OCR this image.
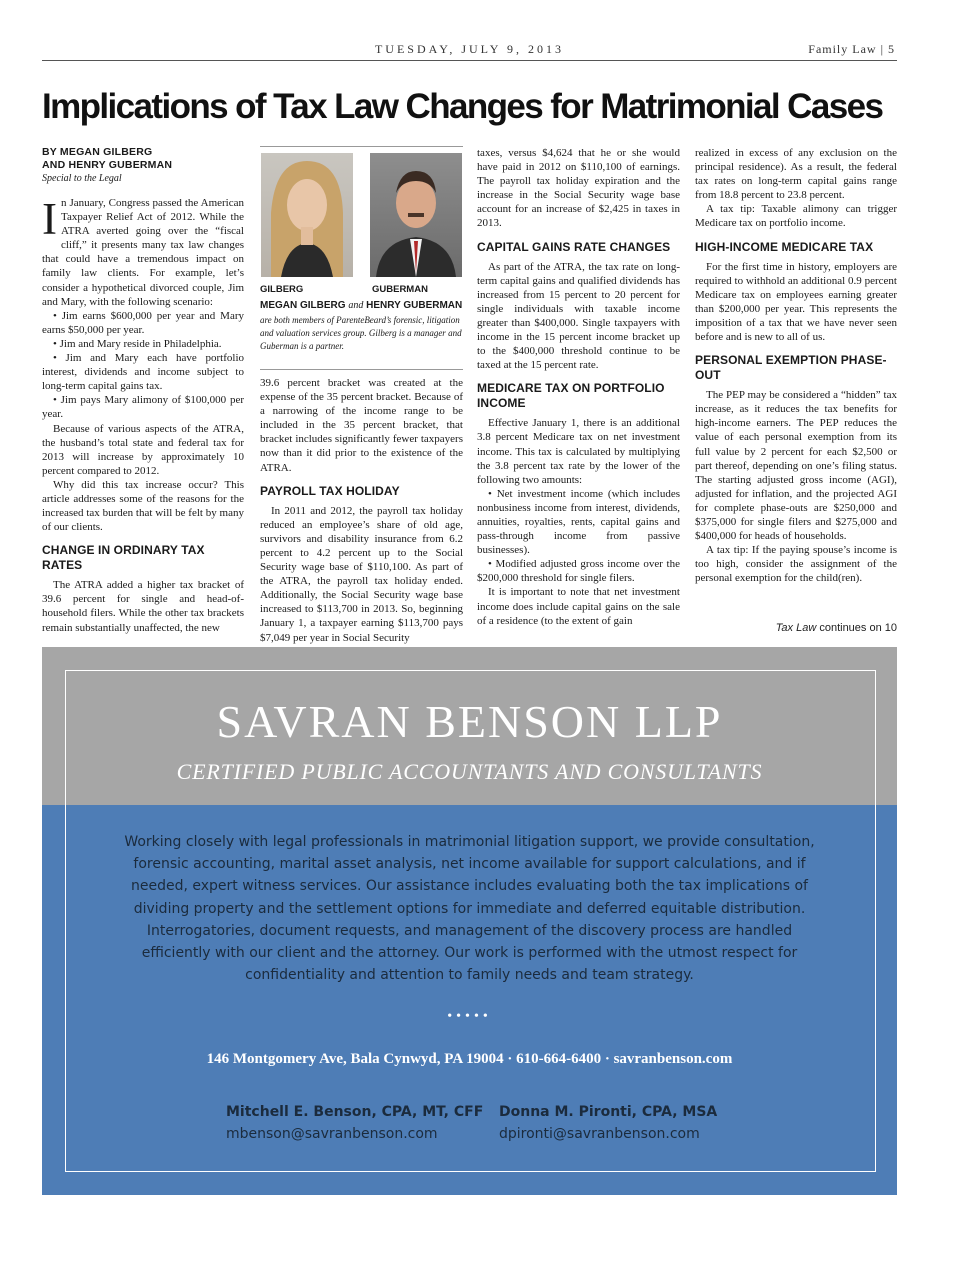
TUESDAY, JULY 9, 2013	Family Law | 5
Implications of Tax Law Changes for Matrimonial Cases

BY MEGAN GILBERG

AND HENRY GUBERMAN

Special to the Legal

In January, Congress passed the American Taxpayer Relief Act of 2012. While the ATRA averted going over the “fiscal cliff,” it presents many tax law changes that could have a tremendous impact on family law clients. For example, let’s consider a hypothetical divorced couple, Jim and Mary, with the following scenario:

• Jim earns $600,000 per year and Mary earns $50,000 per year.

• Jim and Mary reside in Philadelphia.

• Jim and Mary each have portfolio interest, dividends and income subject to long-term capital gains tax.

• Jim pays Mary alimony of $100,000 per year.

Because of various aspects of the ATRA, the husband’s total state and federal tax for 2013 will increase by approximately 10 percent compared to 2012.

Why did this tax increase occur? This article addresses some of the reasons for the increased tax burden that will be felt by many of our clients.

CHANGE IN ORDINARY TAX RATES

The ATRA added a higher tax bracket of 39.6 percent for single and head-of-household filers. While the other tax brackets remain substantially unaffected, the new

GILBERG	GUBERMAN
MEGAN GILBERG and HENRY GUBERMAN
are both members of ParenteBeard’s forensic, litigation and valuation services group. Gilberg is a manager and Guberman is a partner.

39.6 percent bracket was created at the expense of the 35 percent bracket. Because of a narrowing of the income range to be included in the 35 percent bracket, that bracket includes significantly fewer taxpayers now than it did prior to the existence of the ATRA.

PAYROLL TAX HOLIDAY

In 2011 and 2012, the payroll tax holiday reduced an employee’s share of old age, survivors and disability insurance from 6.2 percent to 4.2 percent up to the Social Security wage base of $110,100. As part of the ATRA, the payroll tax holiday ended. Additionally, the Social Security wage base increased to $113,700 in 2013. So, beginning January 1, a taxpayer earning $113,700 pays $7,049 per year in Social Security

taxes, versus $4,624 that he or she would have paid in 2012 on $110,100 of earnings. The payroll tax holiday expiration and the increase in the Social Security wage base account for an increase of $2,425 in taxes in 2013.

CAPITAL GAINS RATE CHANGES

As part of the ATRA, the tax rate on long-term capital gains and qualified dividends has increased from 15 percent to 20 percent for single individuals with taxable income greater than $400,000. Single taxpayers with income in the 15 percent income bracket up to the $400,000 threshold continue to be taxed at the 15 percent rate.

MEDICARE TAX ON PORTFOLIO INCOME

Effective January 1, there is an additional 3.8 percent Medicare tax on net investment income. This tax is calculated by multiplying the 3.8 percent tax rate by the lower of the following two amounts:

• Net investment income (which includes nonbusiness income from interest, dividends, annuities, royalties, rents, capital gains and pass-through income from passive businesses).

• Modified adjusted gross income over the $200,000 threshold for single filers.

It is important to note that net investment income does include capital gains on the sale of a residence (to the extent of gain

realized in excess of any exclusion on the principal residence). As a result, the federal tax rates on long-term capital gains range from 18.8 percent to 23.8 percent.

A tax tip: Taxable alimony can trigger Medicare tax on portfolio income.

HIGH-INCOME MEDICARE TAX

For the first time in history, employers are required to withhold an additional 0.9 percent Medicare tax on employees earning greater than $200,000 per year. This represents the imposition of a tax that we have never seen before and is new to all of us.

PERSONAL EXEMPTION PHASE-OUT

The PEP may be considered a “hidden” tax increase, as it reduces the tax benefits for high-income earners. The PEP reduces the value of each personal exemption from its full value by 2 percent for each $2,500 or part thereof, depending on one’s filing status. The starting adjusted gross income (AGI), adjusted for inflation, and the projected AGI for complete phase-outs are $250,000 and $375,000 for single filers and $275,000 and $400,000 for heads of households.

A tax tip: If the paying spouse’s income is too high, consider the assignment of the personal exemption for the child(ren).

Tax Law continues on 10
SAVRAN BENSON LLP
CERTIFIED PUBLIC ACCOUNTANTS AND CONSULTANTS
Working closely with legal professionals in matrimonial litigation support, we provide consultation, forensic accounting, marital asset analysis, net income available for support calculations, and if needed, expert witness services. Our assistance includes evaluating both the tax implications of dividing property and the settlement options for immediate and deferred equitable distribution. Interrogatories, document requests, and management of the discovery process are handled efficiently with our client and the attorney. Our work is performed with the utmost respect for confidentiality and attention to family needs and team strategy.
•••••
146 Montgomery Ave, Bala Cynwyd, PA 19004 · 610-664-6400 · savranbenson.com
Mitchell E. Benson, CPA, MT, CFF
mbenson@savranbenson.com
Donna M. Pironti, CPA, MSA
dpironti@savranbenson.com
